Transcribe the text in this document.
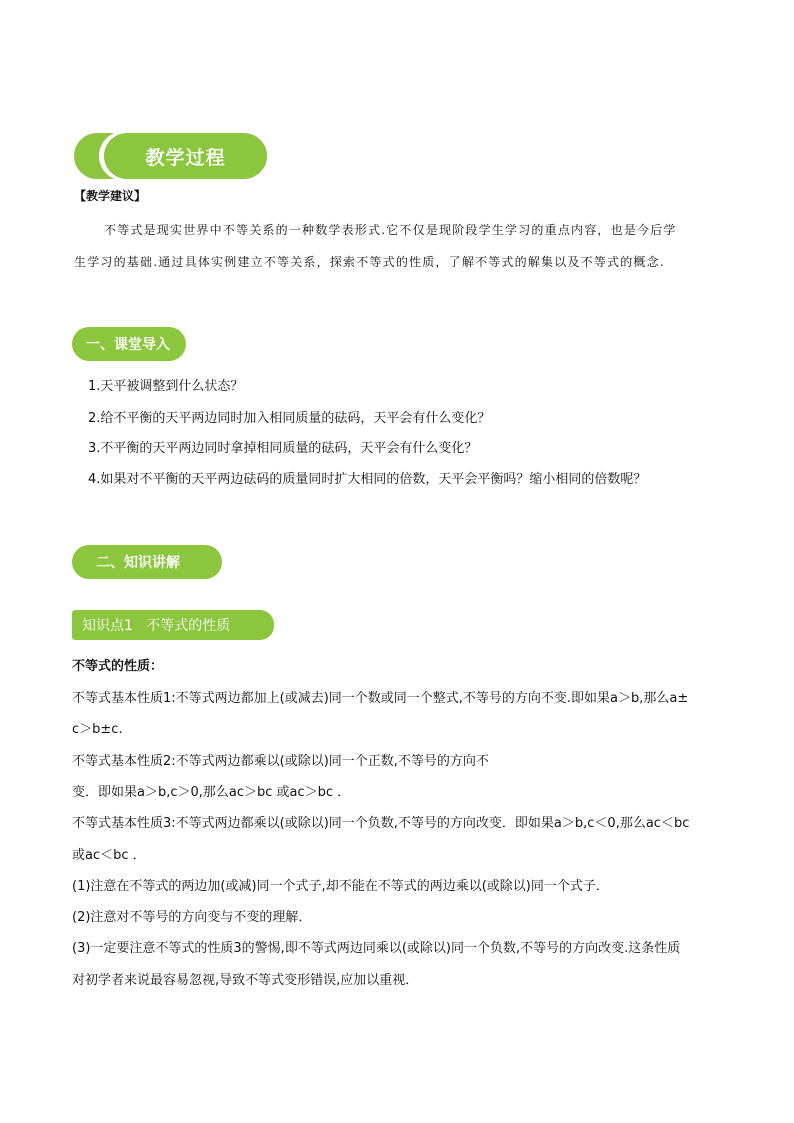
教学过程
【教学建议】
不等式是现实世界中不等关系的一种数学表形式.它不仅是现阶段学生学习的重点内容，也是今后学
生学习的基础.通过具体实例建立不等关系，探索不等式的性质，了解不等式的解集以及不等式的概念.
一、课堂导入
1.天平被调整到什么状态？
2.给不平衡的天平两边同时加入相同质量的砝码，天平会有什么变化？
3.不平衡的天平两边同时拿掉相同质量的砝码，天平会有什么变化？
4.如果对不平衡的天平两边砝码的质量同时扩大相同的倍数，天平会平衡吗？缩小相同的倍数呢？
二、知识讲解
知识点1   不等式的性质
不等式的性质：
不等式基本性质1:不等式两边都加上(或减去)同一个数或同一个整式,不等号的方向不变.即如果a＞b,那么a±
c＞b±c.
不等式基本性质2:不等式两边都乘以(或除以)同一个正数,不等号的方向不
变．即如果a＞b,c＞0,那么ac＞bc 或ac＞bc ．
不等式基本性质3:不等式两边都乘以(或除以)同一个负数,不等号的方向改变．即如果a＞b,c＜0,那么ac＜bc
或ac＜bc ．
(1)注意在不等式的两边加(或减)同一个式子,却不能在不等式的两边乘以(或除以)同一个式子．
(2)注意对不等号的方向变与不变的理解．
(3)一定要注意不等式的性质3的警惕,即不等式两边同乘以(或除以)同一个负数,不等号的方向改变.这条性质
对初学者来说最容易忽视,导致不等式变形错误,应加以重视．
